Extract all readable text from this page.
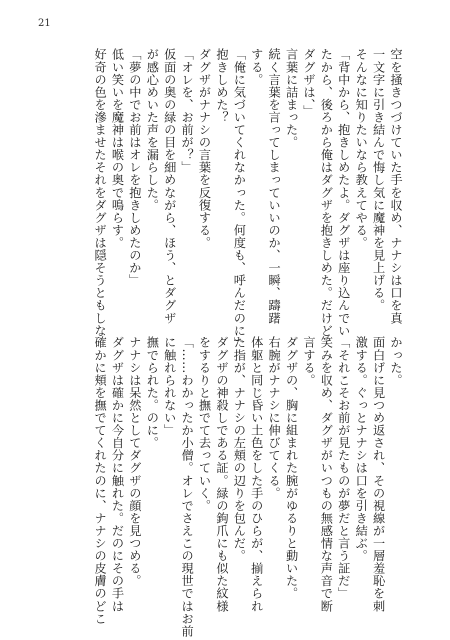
21
空を掻きつづけていた手を収め、ナナシは口を真
一文字に引き結んで悔し気に魔神を見上げる。
そんなに知りたいなら教えてやる。
「背中から、抱きしめたよ。ダグザは座り込んでい
たから、後ろから俺はダグザを抱きしめた。だけど
ダグザは、」
言葉に詰まった。
続く言葉を言ってしまっていいのか、一瞬、躊躇
する。
「俺に気づいてくれなかった。何度も、呼んだのに」
抱きしめた？
ダグザがナナシの言葉を反復する。
「オレを、お前が？」
仮面の奥の緑の目を細めながら、ほう、とダグザ
が感心めいた声を漏らした。
「夢の中でお前はオレを抱きしめたのか」
低い笑いを魔神は喉の奥で鳴らす。
好奇の色を滲ませたそれをダグザは隠そうともしな
かった。
面白げに見つめ返され、その視線が一層羞恥を刺
激する。ぐっとナナシは口を引き結ぶ。
「それこそお前が見たものが夢だと言う証だ」
笑みを収め、ダグザがいつもの無感情な声音で断
言する。
ダグザの、胸に組まれた腕がゆるりと動いた。
右腕がナナシに伸びてくる。
体躯と同じ昏い土色をした手のひらが、揃えられ
た指が、ナナシの左頬の辺りを包んだ。
ダグザの神殺しである証。緑の鉤爪にも似た紋様
をするりと撫でて去っていく。
「……わかったか小僧。オレでさえこの現世ではお前
に触れられない」
撫でられた。のに。
ナナシは呆然としてダグザの顔を見つめる。
ダグザは確かに今自分に触れた。だのにその手は
確かに頬を撫でてくれたのに、ナナシの皮膚のどこ
